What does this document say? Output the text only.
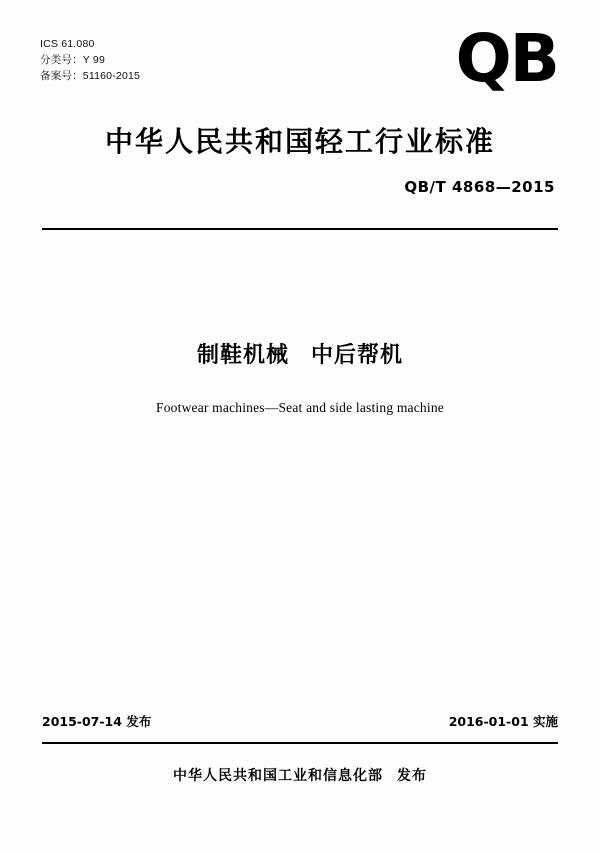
ICS 61.080
分类号：Y 99
备案号：51160-2015	QB
中华人民共和国轻工行业标准
QB/T 4868—2015
制鞋机械 中后帮机
Footwear machines—Seat and side lasting machine
2015-07-14 发布	2016-01-01 实施
中华人民共和国工业和信息化部 发布
